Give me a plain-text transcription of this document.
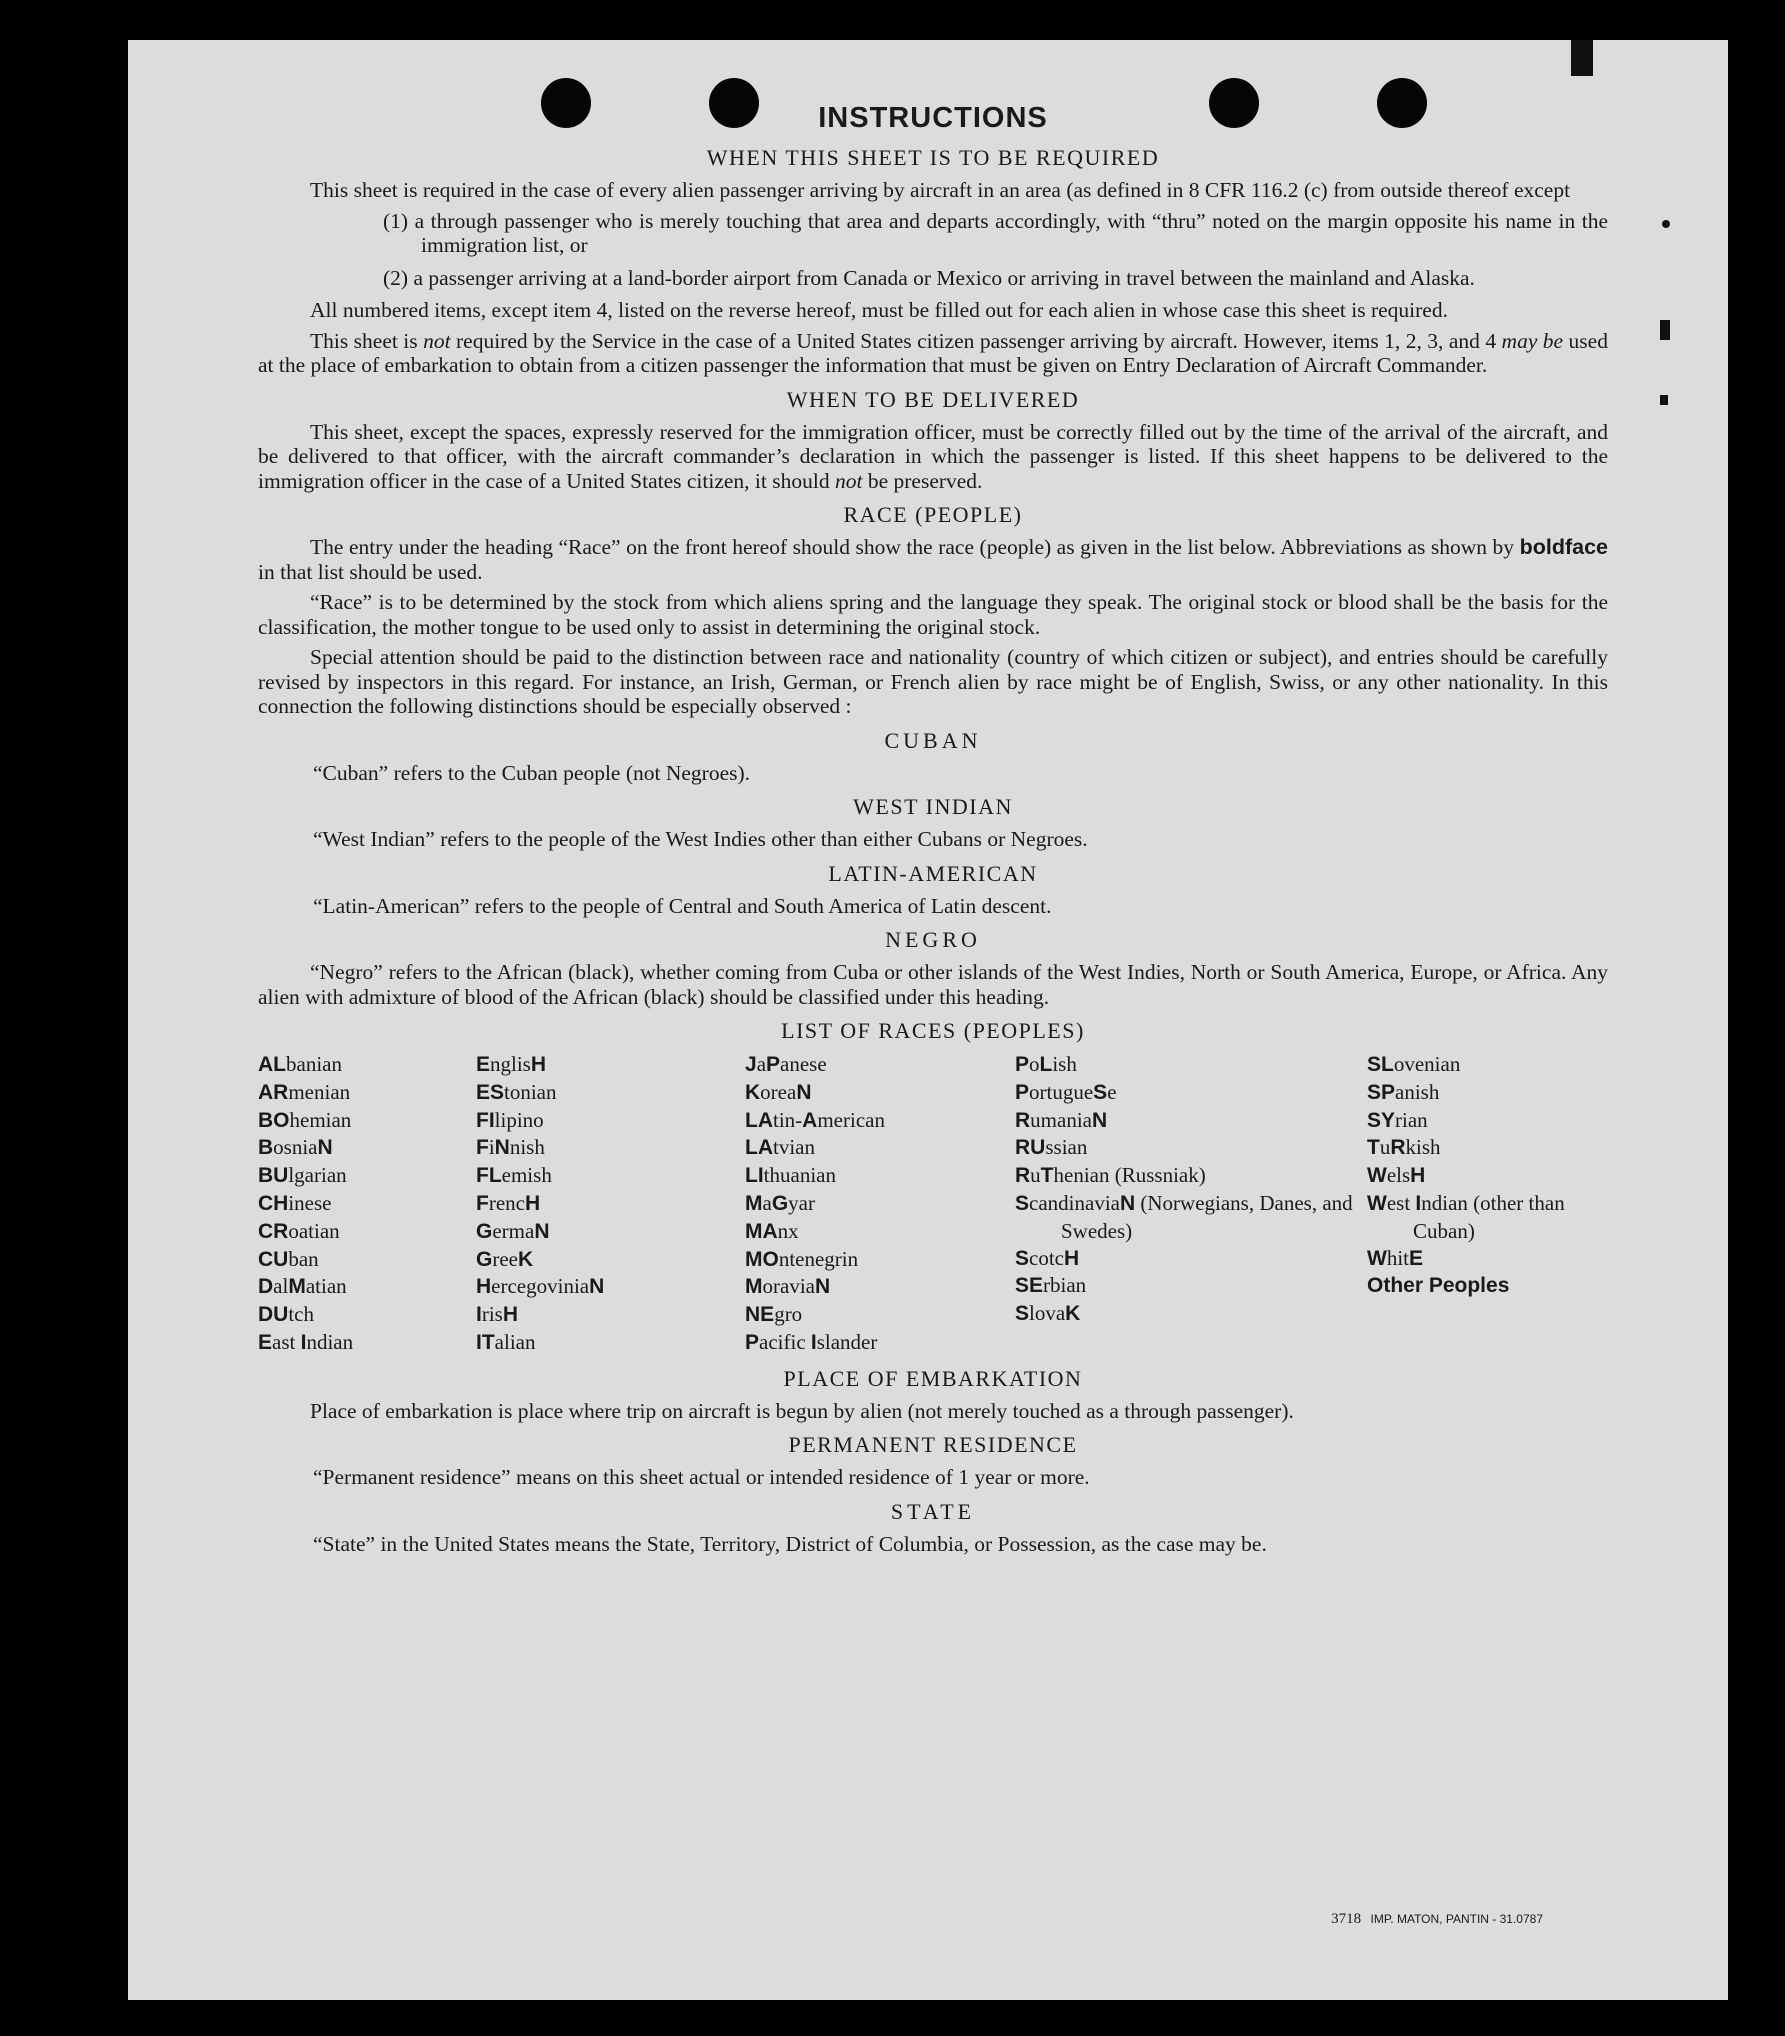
INSTRUCTIONS
WHEN THIS SHEET IS TO BE REQUIRED

This sheet is required in the case of every alien passenger arriving by aircraft in an area (as defined in 8 CFR 116.2 (c) from outside thereof except

(1) a through passenger who is merely touching that area and departs accordingly, with “thru” noted on the margin opposite his name in the immigration list, or
(2) a passenger arriving at a land-border airport from Canada or Mexico or arriving in travel between the mainland and Alaska.

All numbered items, except item 4, listed on the reverse hereof, must be filled out for each alien in whose case this sheet is required.

This sheet is not required by the Service in the case of a United States citizen passenger arriving by aircraft. However, items 1, 2, 3, and 4 may be used at the place of embarkation to obtain from a citizen passenger the information that must be given on Entry Declaration of Aircraft Commander.

WHEN TO BE DELIVERED

This sheet, except the spaces, expressly reserved for the immigration officer, must be correctly filled out by the time of the arrival of the aircraft, and be delivered to that officer, with the aircraft commander’s declaration in which the passenger is listed. If this sheet happens to be delivered to the immigration officer in the case of a United States citizen, it should not be preserved.

RACE (PEOPLE)

The entry under the heading “Race” on the front hereof should show the race (people) as given in the list below. Abbreviations as shown by boldface in that list should be used.

“Race” is to be determined by the stock from which aliens spring and the language they speak. The original stock or blood shall be the basis for the classification, the mother tongue to be used only to assist in determining the original stock.

Special attention should be paid to the distinction between race and nationality (country of which citizen or subject), and entries should be carefully revised by inspectors in this regard. For instance, an Irish, German, or French alien by race might be of English, Swiss, or any other nationality. In this connection the following distinctions should be especially observed :

CUBAN

“Cuban” refers to the Cuban people (not Negroes).

WEST INDIAN

“West Indian” refers to the people of the West Indies other than either Cubans or Negroes.

LATIN-AMERICAN

“Latin-American” refers to the people of Central and South America of Latin descent.

NEGRO

“Negro” refers to the African (black), whether coming from Cuba or other islands of the West Indies, North or South America, Europe, or Africa. Any alien with admixture of blood of the African (black) should be classified under this heading.

LIST OF RACES (PEOPLES)
ALbanian
ARmenian
BOhemian
BosniaN
BUlgarian
CHinese
CRoatian
CUban
DalMatian
DUtch
East Indian
EnglisH
EStonian
FIlipino
FiNnish
FLemish
FrencH
GermaN
GreeK
HercegoviniaN
IrisH
ITalian
JaPanese
KoreaN
LAtin-American
LAtvian
LIthuanian
MaGyar
MAnx
MOntenegrin
MoraviaN
NEgro
Pacific Islander
PoLish
PortugueSe
RumaniaN
RUssian
RuThenian (Russniak)
ScandinaviaN (Norwegians, Danes, and Swedes)
ScotcH
SErbian
SlovaK
SLovenian
SPanish
SYrian
TuRkish
WelsH
West Indian (other than Cuban)
WhitE
Other Peoples
PLACE OF EMBARKATION

Place of embarkation is place where trip on aircraft is begun by alien (not merely touched as a through passenger).

PERMANENT RESIDENCE

“Permanent residence” means on this sheet actual or intended residence of 1 year or more.

STATE

“State” in the United States means the State, Territory, District of Columbia, or Possession, as the case may be.

3718 IMP. MATON, PANTIN - 31.0787
